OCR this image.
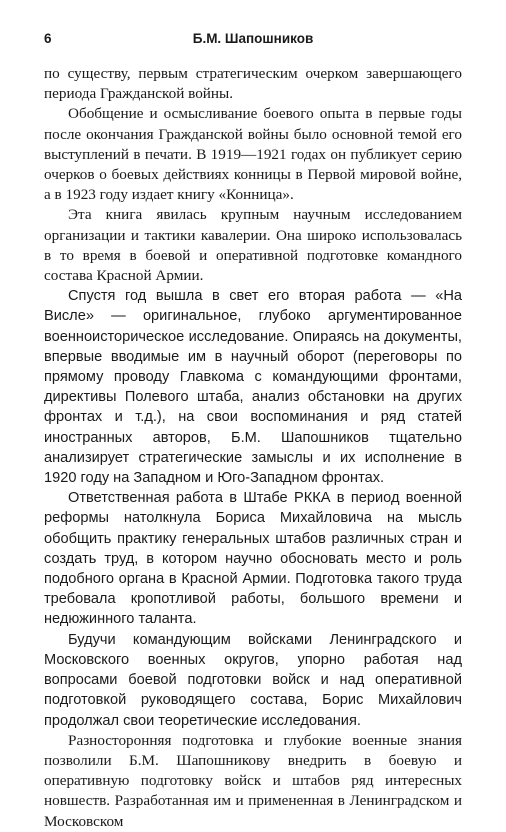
6	Б.М. Шапошников

по существу, первым стратегическим очерком завершающего периода Гражданской войны.

Обобщение и осмысливание боевого опыта в первые годы после окончания Гражданской войны было основной темой его выступлений в печати. В 1919—1921 годах он публикует серию очерков о боевых действиях конницы в Первой мировой войне, а в 1923 году издает книгу «Конница».

Эта книга явилась крупным научным исследованием организации и тактики кавалерии. Она широко использовалась в то время в боевой и оперативной подготовке командного состава Красной Армии.

Спустя год вышла в свет его вторая работа — «На Висле» — оригинальное, глубоко аргументированное военноисторическое исследование. Опираясь на документы, впервые вводимые им в научный оборот (переговоры по прямому проводу Главкома с командующими фронтами, директивы Полевого штаба, анализ обстановки на других фронтах и т.д.), на свои воспоминания и ряд статей иностранных авторов, Б.М. Шапошников тщательно анализирует стратегические замыслы и их исполнение в 1920 году на Западном и Юго-Западном фронтах.

Ответственная работа в Штабе РККА в период военной реформы натолкнула Бориса Михайловича на мысль обобщить практику генеральных штабов различных стран и создать труд, в котором научно обосновать место и роль подобного органа в Красной Армии. Подготовка такого труда требовала кропотливой работы, большого времени и недюжинного таланта.

Будучи командующим войсками Ленинградского и Московского военных округов, упорно работая над вопросами боевой подготовки войск и над оперативной подготовкой руководящего состава, Борис Михайлович продолжал свои теоретические исследования.

Разносторонняя подготовка и глубокие военные знания позволили Б.М. Шапошникову внедрить в боевую и оперативную подготовку войск и штабов ряд интересных новшеств. Разработанная им и примененная в Ленинградском и Московском
